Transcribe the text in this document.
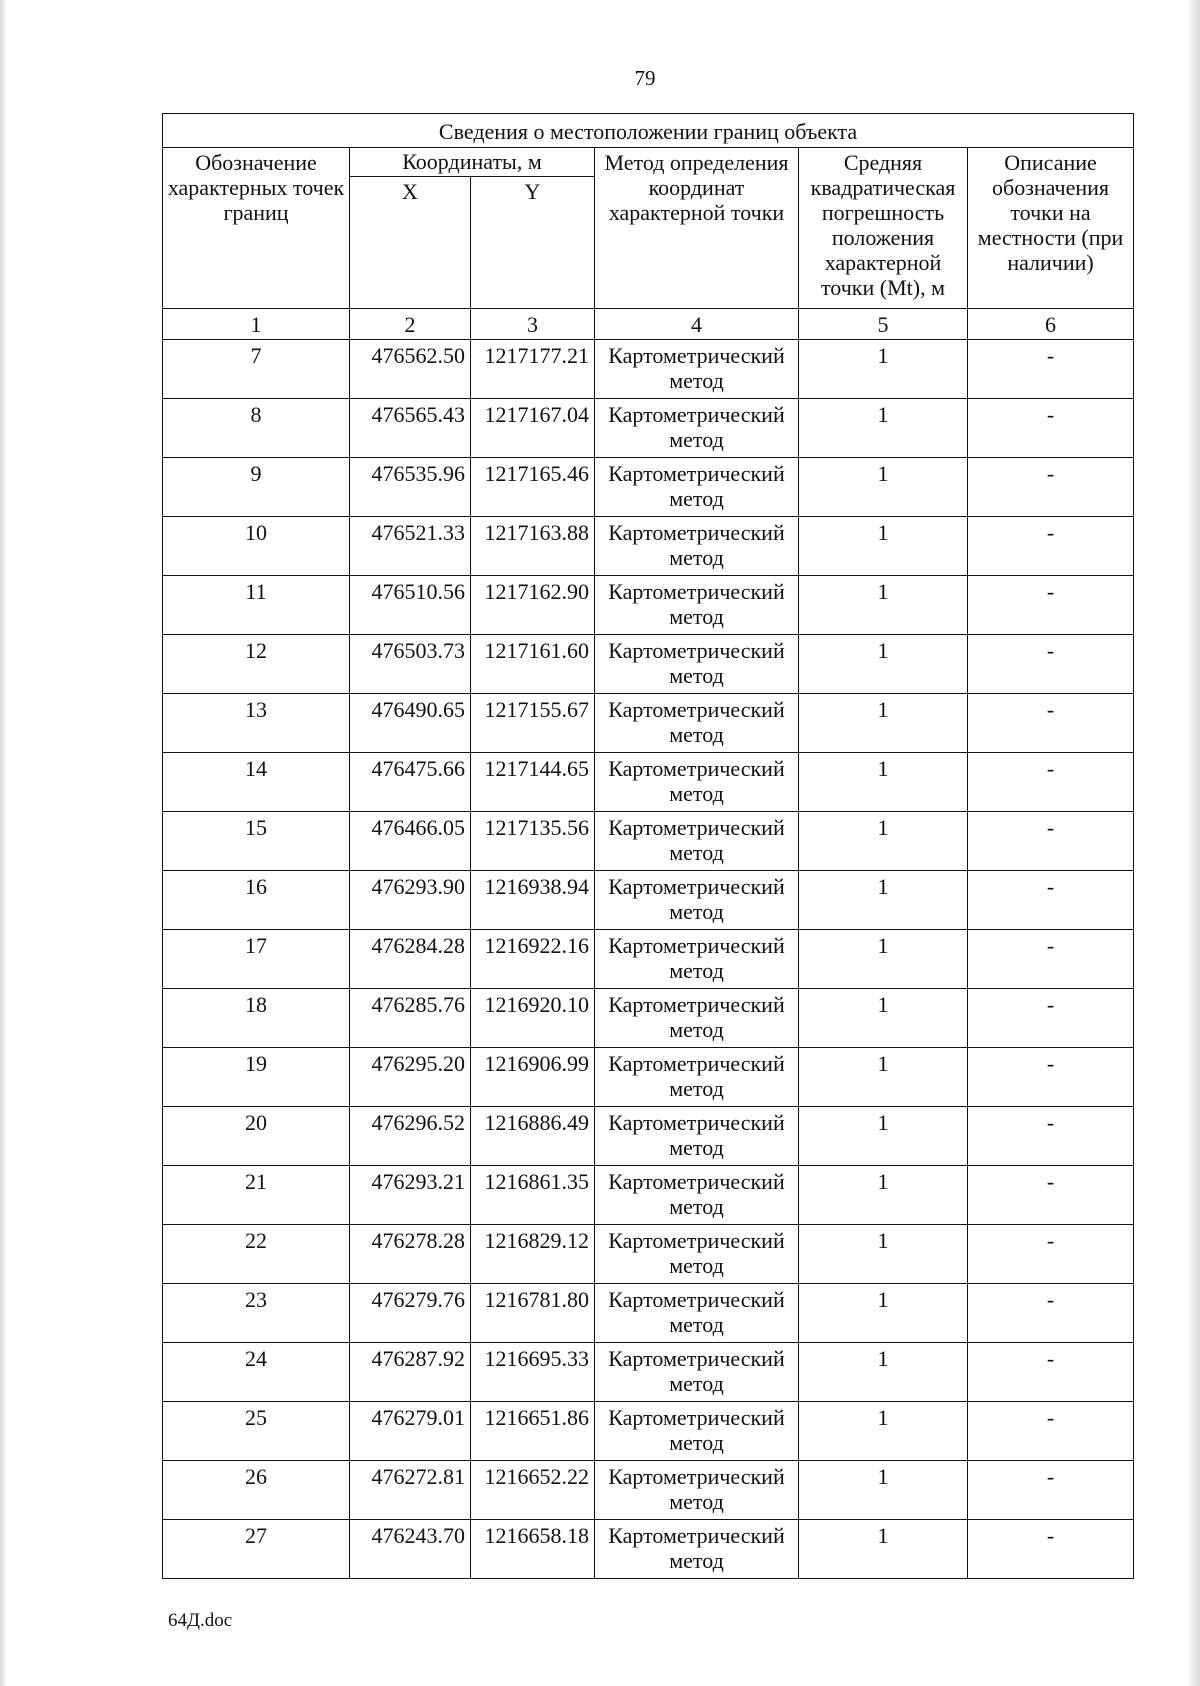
79
Сведения о местоположении границ объекта					
Обозначение характерных точек границ	Координаты, м		Метод определения координат характерной точки	Средняя квадратическая погрешность положения характерной точки (Mt), м	Описание обозначения точки на местности (при наличии)
	X	Y			
1	2	3	4	5	6
7	476562.50	1217177.21	Картометрический метод	1	-
8	476565.43	1217167.04	Картометрический метод	1	-
9	476535.96	1217165.46	Картометрический метод	1	-
10	476521.33	1217163.88	Картометрический метод	1	-
11	476510.56	1217162.90	Картометрический метод	1	-
12	476503.73	1217161.60	Картометрический метод	1	-
13	476490.65	1217155.67	Картометрический метод	1	-
14	476475.66	1217144.65	Картометрический метод	1	-
15	476466.05	1217135.56	Картометрический метод	1	-
16	476293.90	1216938.94	Картометрический метод	1	-
17	476284.28	1216922.16	Картометрический метод	1	-
18	476285.76	1216920.10	Картометрический метод	1	-
19	476295.20	1216906.99	Картометрический метод	1	-
20	476296.52	1216886.49	Картометрический метод	1	-
21	476293.21	1216861.35	Картометрический метод	1	-
22	476278.28	1216829.12	Картометрический метод	1	-
23	476279.76	1216781.80	Картометрический метод	1	-
24	476287.92	1216695.33	Картометрический метод	1	-
25	476279.01	1216651.86	Картометрический метод	1	-
26	476272.81	1216652.22	Картометрический метод	1	-
27	476243.70	1216658.18	Картометрический метод	1	-
64Д.doc
